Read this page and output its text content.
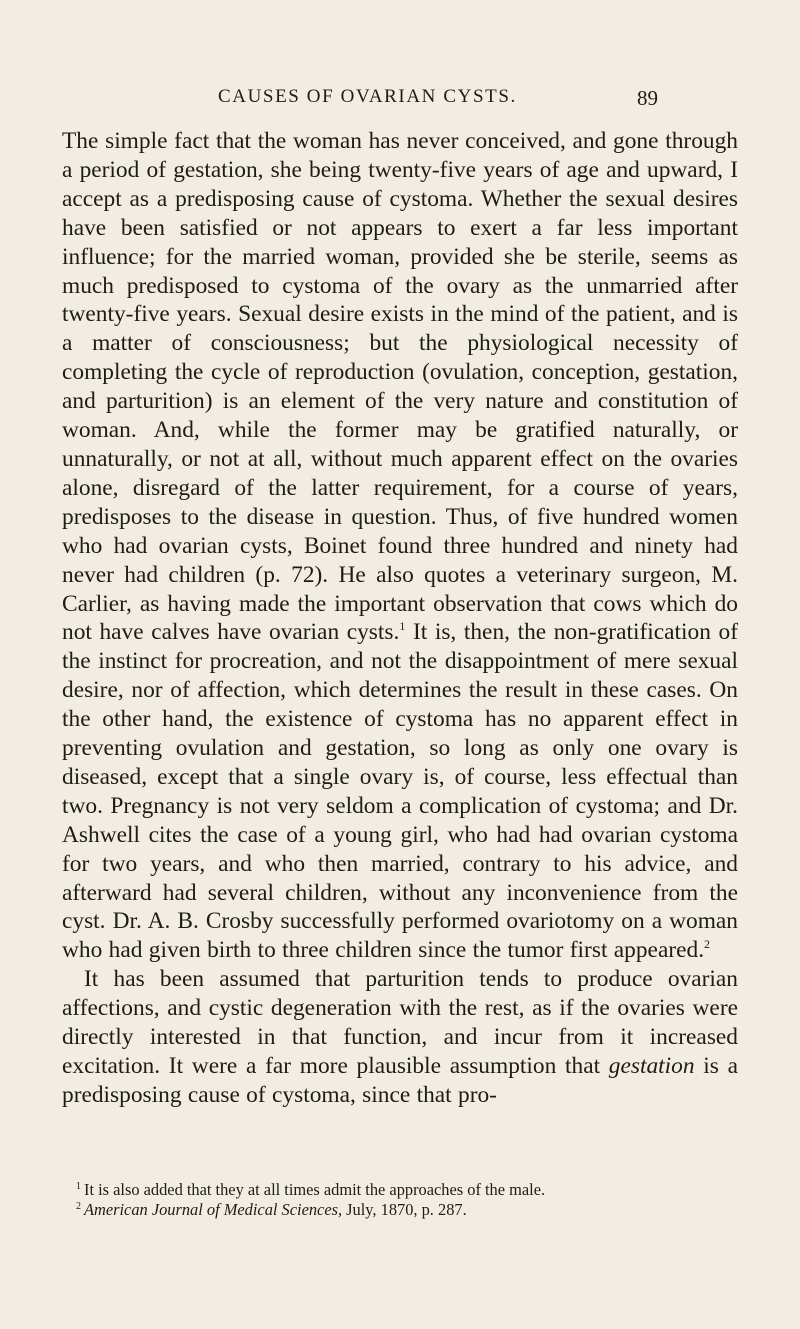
CAUSES OF OVARIAN CYSTS.	89

The simple fact that the woman has never conceived, and gone through a period of gestation, she being twenty-five years of age and upward, I accept as a predisposing cause of cystoma. Whether the sexual desires have been satisfied or not appears to exert a far less important influence; for the married woman, provided she be sterile, seems as much predisposed to cystoma of the ovary as the unmarried after twenty-five years. Sexual desire exists in the mind of the patient, and is a matter of consciousness; but the physiological necessity of completing the cycle of reproduction (ovulation, conception, gestation, and parturition) is an element of the very nature and constitution of woman. And, while the former may be gratified naturally, or unnaturally, or not at all, without much apparent effect on the ovaries alone, disregard of the latter requirement, for a course of years, predisposes to the disease in question. Thus, of five hundred women who had ovarian cysts, Boinet found three hundred and ninety had never had children (p. 72). He also quotes a veterinary surgeon, M. Carlier, as having made the important observation that cows which do not have calves have ovarian cysts.$^1$ It is, then, the non-gratification of the instinct for procreation, and not the disappointment of mere sexual desire, nor of affection, which determines the result in these cases. On the other hand, the existence of cystoma has no apparent effect in preventing ovulation and gestation, so long as only one ovary is diseased, except that a single ovary is, of course, less effectual than two. Pregnancy is not very seldom a complication of cystoma; and Dr. Ashwell cites the case of a young girl, who had had ovarian cystoma for two years, and who then married, contrary to his advice, and afterward had several children, without any inconvenience from the cyst. Dr. A. B. Crosby successfully performed ovariotomy on a woman who had given birth to three children since the tumor first appeared.$^2$

It has been assumed that parturition tends to produce ovarian affections, and cystic degeneration with the rest, as if the ovaries were directly interested in that function, and incur from it increased excitation. It were a far more plausible assumption that gestation is a predisposing cause of cystoma, since that pro-

$^1$ It is also added that they at all times admit the approaches of the male.
$^2$ American Journal of Medical Sciences, July, 1870, p. 287.
